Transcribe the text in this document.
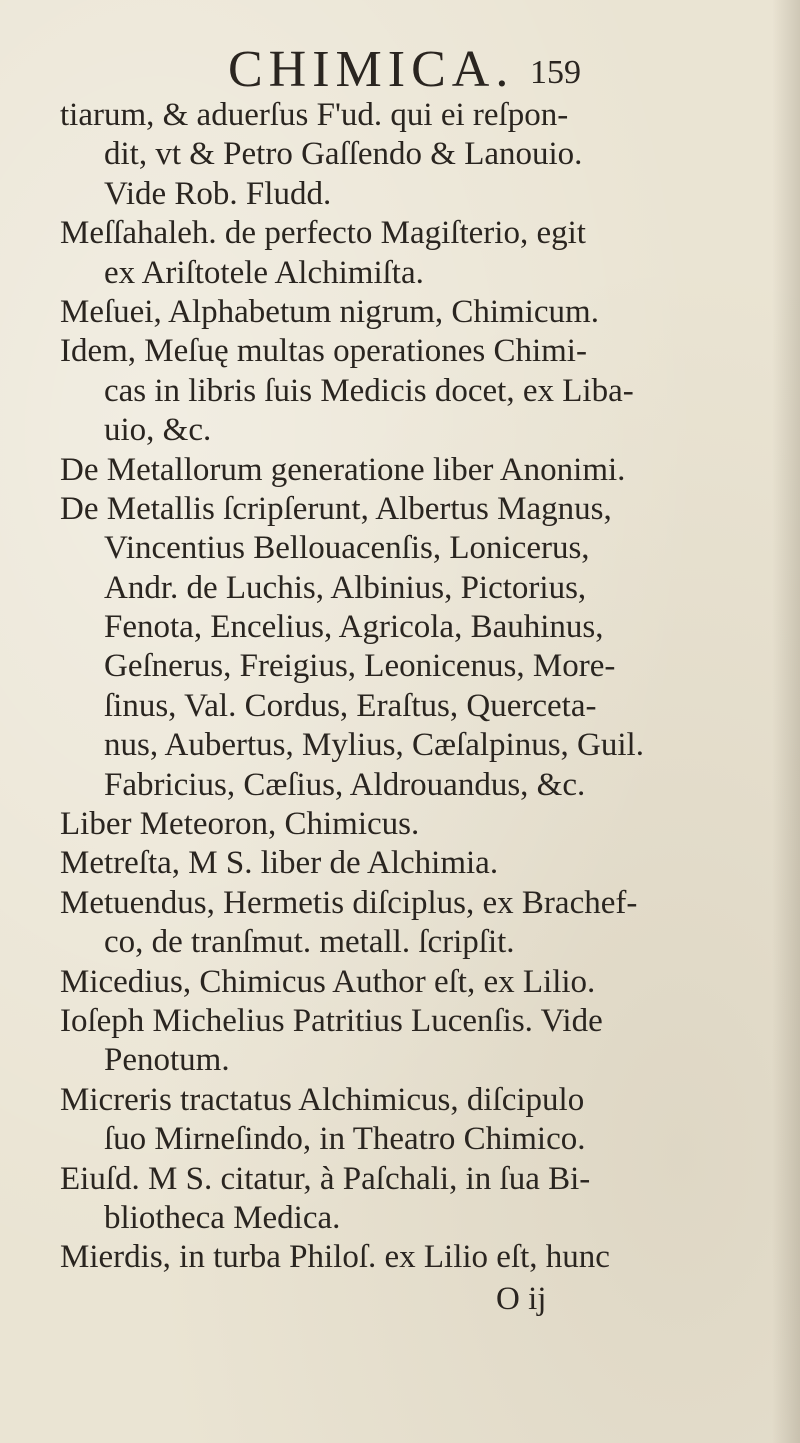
CHIMICA. 159
tiarum, & aduerſus F'ud. qui ei reſpon-
dit, vt & Petro Gaſſendo & Lanouio.
Vide Rob. Fludd.
Meſſahaleh. de perfecto Magiſterio, egit
ex Ariſtotele Alchimiſta.
Meſuei, Alphabetum nigrum, Chimicum.
Idem, Meſuę multas operationes Chimi-
cas in libris ſuis Medicis docet, ex Liba-
uio, &c.
De Metallorum generatione liber Anonimi.
De Metallis ſcripſerunt, Albertus Magnus,
Vincentius Bellouacenſis, Lonicerus,
Andr. de Luchis, Albinius, Pictorius,
Fenota, Encelius, Agricola, Bauhinus,
Geſnerus, Freigius, Leonicenus, More-
ſinus, Val. Cordus, Eraſtus, Quercetа-
nus, Aubertus, Mylius, Cæſalpinus, Guil.
Fabricius, Cæſius, Aldrouandus, &c.
Liber Meteoron, Chimicus.
Metreſta, M S. liber de Alchimia.
Metuendus, Hermetis diſciplus, ex Brachef-
co, de tranſmut. metall. ſcripſit.
Micedius, Chimicus Author eſt, ex Lilio.
Ioſeph Michelius Patritius Lucenſis. Vide
Penotum.
Micreris tractatus Alchimicus, diſcipulo
ſuo Mirneſindo, in Theatro Chimico.
Eiuſd. M S. citatur, à Paſchali, in ſua Bi-
bliotheca Medica.
Mierdis, in turba Philoſ. ex Lilio eſt, hunc
O ij
